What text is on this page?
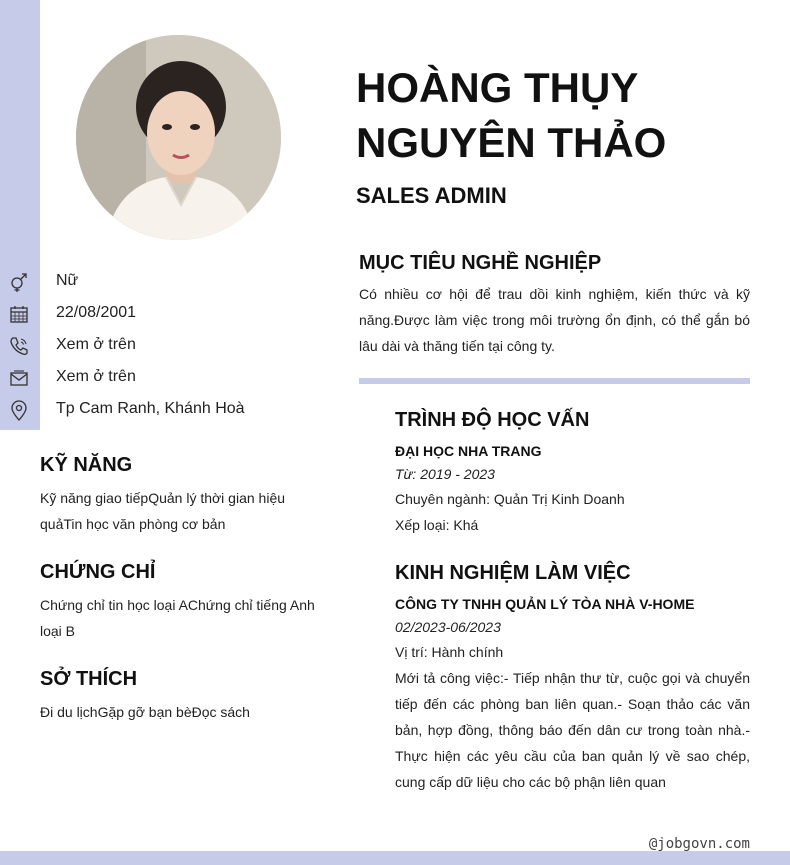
HOÀNG THỤY
NGUYÊN THẢO
SALES ADMIN
Nữ
22/08/2001
Xem ở trên
Xem ở trên
Tp Cam Ranh, Khánh Hoà
KỸ NĂNG
Kỹ năng giao tiếpQuản lý thời gian hiệu quảTin học văn phòng cơ bản
CHỨNG CHỈ
Chứng chỉ tin học loại AChứng chỉ tiếng Anh loại B
SỞ THÍCH
Đi du lịchGặp gỡ bạn bèĐọc sách
MỤC TIÊU NGHỀ NGHIỆP
Có nhiều cơ hội để trau dồi kinh nghiệm, kiến thức và kỹ năng.Được làm việc trong môi trường ổn định, có thể gắn bó lâu dài và thăng tiến tại công ty.
TRÌNH ĐỘ HỌC VẤN
ĐẠI HỌC NHA TRANG
Từ: 2019 - 2023
Chuyên ngành: Quản Trị Kinh Doanh
Xếp loại: Khá
KINH NGHIỆM LÀM VIỆC
CÔNG TY TNHH QUẢN LÝ TÒA NHÀ V-HOME
02/2023-06/2023
Vị trí: Hành chính
Mới tả công việc:- Tiếp nhận thư từ, cuộc gọi và chuyển tiếp đến các phòng ban liên quan.- Soạn thảo các văn bản, hợp đồng, thông báo đến dân cư trong toàn nhà.- Thực hiện các yêu cầu của ban quản lý về sao chép, cung cấp dữ liệu cho các bộ phận liên quan
@jobgovn.com
